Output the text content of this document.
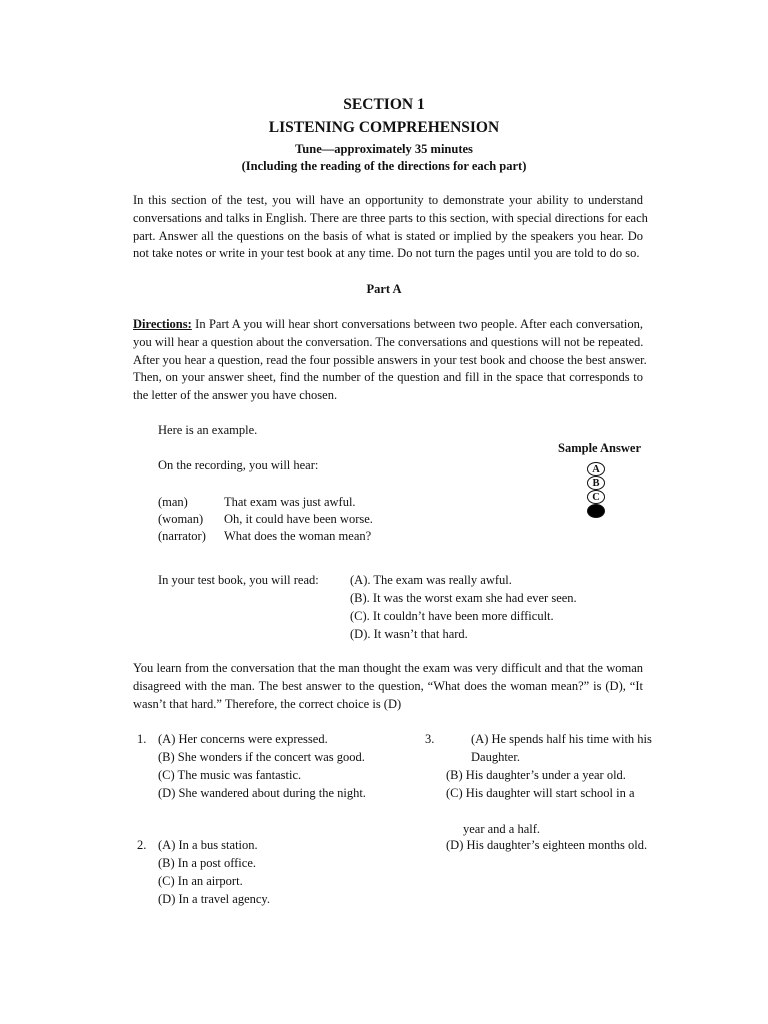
SECTION 1
LISTENING COMPREHENSION
Tune—approximately 35 minutes
(Including the reading of the directions for each part)
In this section of the test, you will have an opportunity to demonstrate your ability to understand
conversations and talks in English. There are three parts to this section, with special directions for each
part. Answer all the questions on the basis of what is stated or implied by the speakers you hear. Do
not take notes or write in your test book at any time. Do not turn the pages until you are told to do so.
Part A
Directions: In Part A you will hear short conversations between two people. After each conversation,
you will hear a question about the conversation. The conversations and questions will not be repeated.
After you hear a question, read the four possible answers in your test book and choose the best answer.
Then, on your answer sheet, find the number of the question and fill in the space that corresponds to
the letter of the answer you have chosen.
Here is an example.
Sample Answer
On the recording, you will hear:	A
B
C
(man)	That exam was just awful.
(woman) Oh, it could have been worse.
(narrator) What does the woman mean?
In your test book, you will read:	(A). The exam was really awful.
(B). It was the worst exam she had ever seen.
(C). It couldn’t have been more difficult.
(D). It wasn’t that hard.
You learn from the conversation that the man thought the exam was very difficult and that the woman
disagreed with the man. The best answer to the question, “What does the woman mean?” is (D), “It
wasn’t that hard.” Therefore, the correct choice is (D)
1. (A) Her concerns were expressed.
(B) She wonders if the concert was good.
(C) The music was fantastic.
(D) She wandered about during the night.
2. (A) In a bus station.
(B) In a post office.
(C) In an airport.
(D) In a travel agency.
3.	(A) He spends half his time with his
Daughter.
(B) His daughter’s under a year old.
(C) His daughter will start school in a
year and a half.
(D) His daughter’s eighteen months old.
